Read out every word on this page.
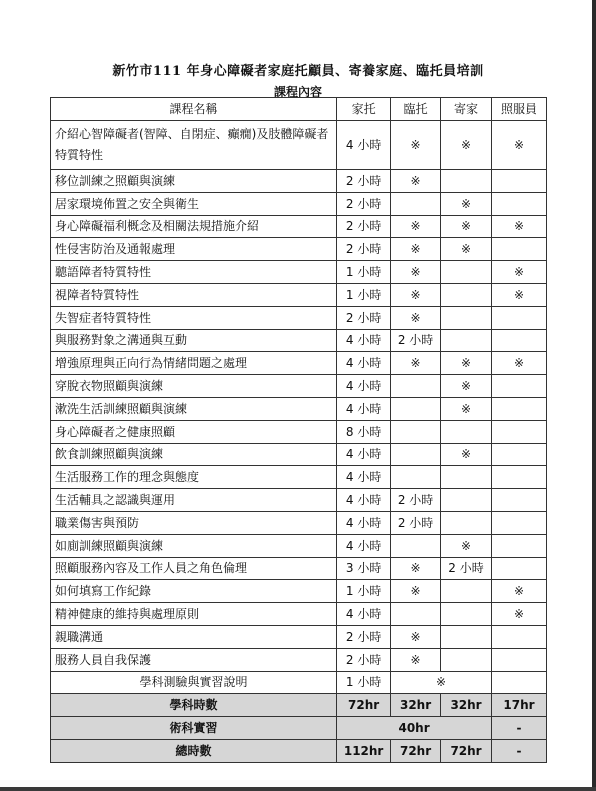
新竹市111 年身心障礙者家庭托顧員、寄養家庭、臨托員培訓
課程內容
課程名稱	家托	臨托	寄家	照服員
介紹心智障礙者(智障、自閉症、癲癇)及肢體障礙者特質特性	4 小時	※	※	※
移位訓練之照顧與演練	2 小時	※		
居家環境佈置之安全與衛生	2 小時		※	
身心障礙福利概念及相關法規措施介紹	2 小時	※	※	※
性侵害防治及通報處理	2 小時	※	※	
聽語障者特質特性	1 小時	※		※
視障者特質特性	1 小時	※		※
失智症者特質特性	2 小時	※		
與服務對象之溝通與互動	4 小時	2 小時		
增強原理與正向行為情緒問題之處理	4 小時	※	※	※
穿脫衣物照顧與演練	4 小時		※	
漱洗生活訓練照顧與演練	4 小時		※	
身心障礙者之健康照顧	8 小時			
飲食訓練照顧與演練	4 小時		※	
生活服務工作的理念與態度	4 小時			
生活輔具之認識與運用	4 小時	2 小時		
職業傷害與預防	4 小時	2 小時		
如廁訓練照顧與演練	4 小時		※	
照顧服務內容及工作人員之角色倫理	3 小時	※	2 小時	
如何填寫工作紀錄	1 小時	※		※
精神健康的維持與處理原則	4 小時			※
親職溝通	2 小時	※		
服務人員自我保護	2 小時	※		
學科測驗與實習說明	1 小時	※		
學科時數	72hr	32hr	32hr	17hr
術科實習	40hr			-
總時數	112hr	72hr	72hr	-
